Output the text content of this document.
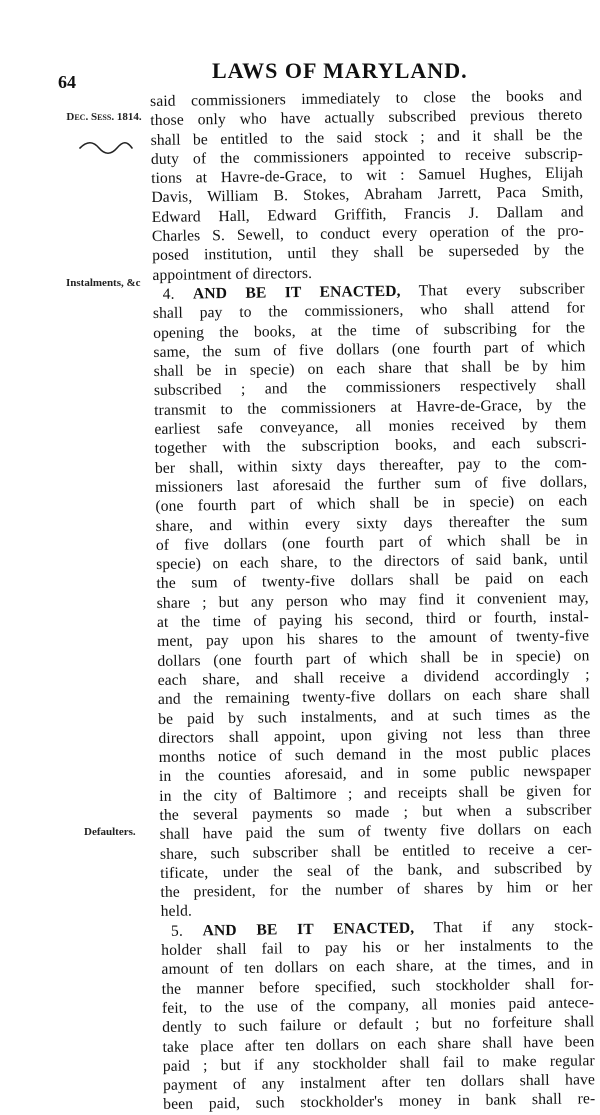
64	LAWS OF MARYLAND.
Dec. Sess. 1814.
Instalments, &c
Defaulters.
said commissioners immediately to close the books and
those only who have actually subscribed previous thereto
shall be entitled to the said stock ; and it shall be the
duty of the commissioners appointed to receive subscrip-
tions at Havre-de-Grace, to wit : Samuel Hughes, Elijah
Davis, William B. Stokes, Abraham Jarrett, Paca Smith,
Edward Hall, Edward Griffith, Francis J. Dallam and
Charles S. Sewell, to conduct every operation of the pro-
posed institution, until they shall be superseded by the
appointment of directors.
4. AND BE IT ENACTED, That every subscriber
shall pay to the commissioners, who shall attend for
opening the books, at the time of subscribing for the
same, the sum of five dollars (one fourth part of which
shall be in specie) on each share that shall be by him
subscribed ; and the commissioners respectively shall
transmit to the commissioners at Havre-de-Grace, by the
earliest safe conveyance, all monies received by them
together with the subscription books, and each subscri-
ber shall, within sixty days thereafter, pay to the com-
missioners last aforesaid the further sum of five dollars,
(one fourth part of which shall be in specie) on each
share, and within every sixty days thereafter the sum
of five dollars (one fourth part of which shall be in
specie) on each share, to the directors of said bank, until
the sum of twenty-five dollars shall be paid on each
share ; but any person who may find it convenient may,
at the time of paying his second, third or fourth, instal-
ment, pay upon his shares to the amount of twenty-five
dollars (one fourth part of which shall be in specie) on
each share, and shall receive a dividend accordingly ;
and the remaining twenty-five dollars on each share shall
be paid by such instalments, and at such times as the
directors shall appoint, upon giving not less than three
months notice of such demand in the most public places
in the counties aforesaid, and in some public newspaper
in the city of Baltimore ; and receipts shall be given for
the several payments so made ; but when a subscriber
shall have paid the sum of twenty five dollars on each
share, such subscriber shall be entitled to receive a cer-
tificate, under the seal of the bank, and subscribed by
the president, for the number of shares by him or her
held.
5. AND BE IT ENACTED, That if any stock-
holder shall fail to pay his or her instalments to the
amount of ten dollars on each share, at the times, and in
the manner before specified, such stockholder shall for-
feit, to the use of the company, all monies paid antece-
dently to such failure or default ; but no forfeiture shall
take place after ten dollars on each share shall have been
paid ; but if any stockholder shall fail to make regular
payment of any instalment after ten dollars shall have
been paid, such stockholder's money in bank shall re-
